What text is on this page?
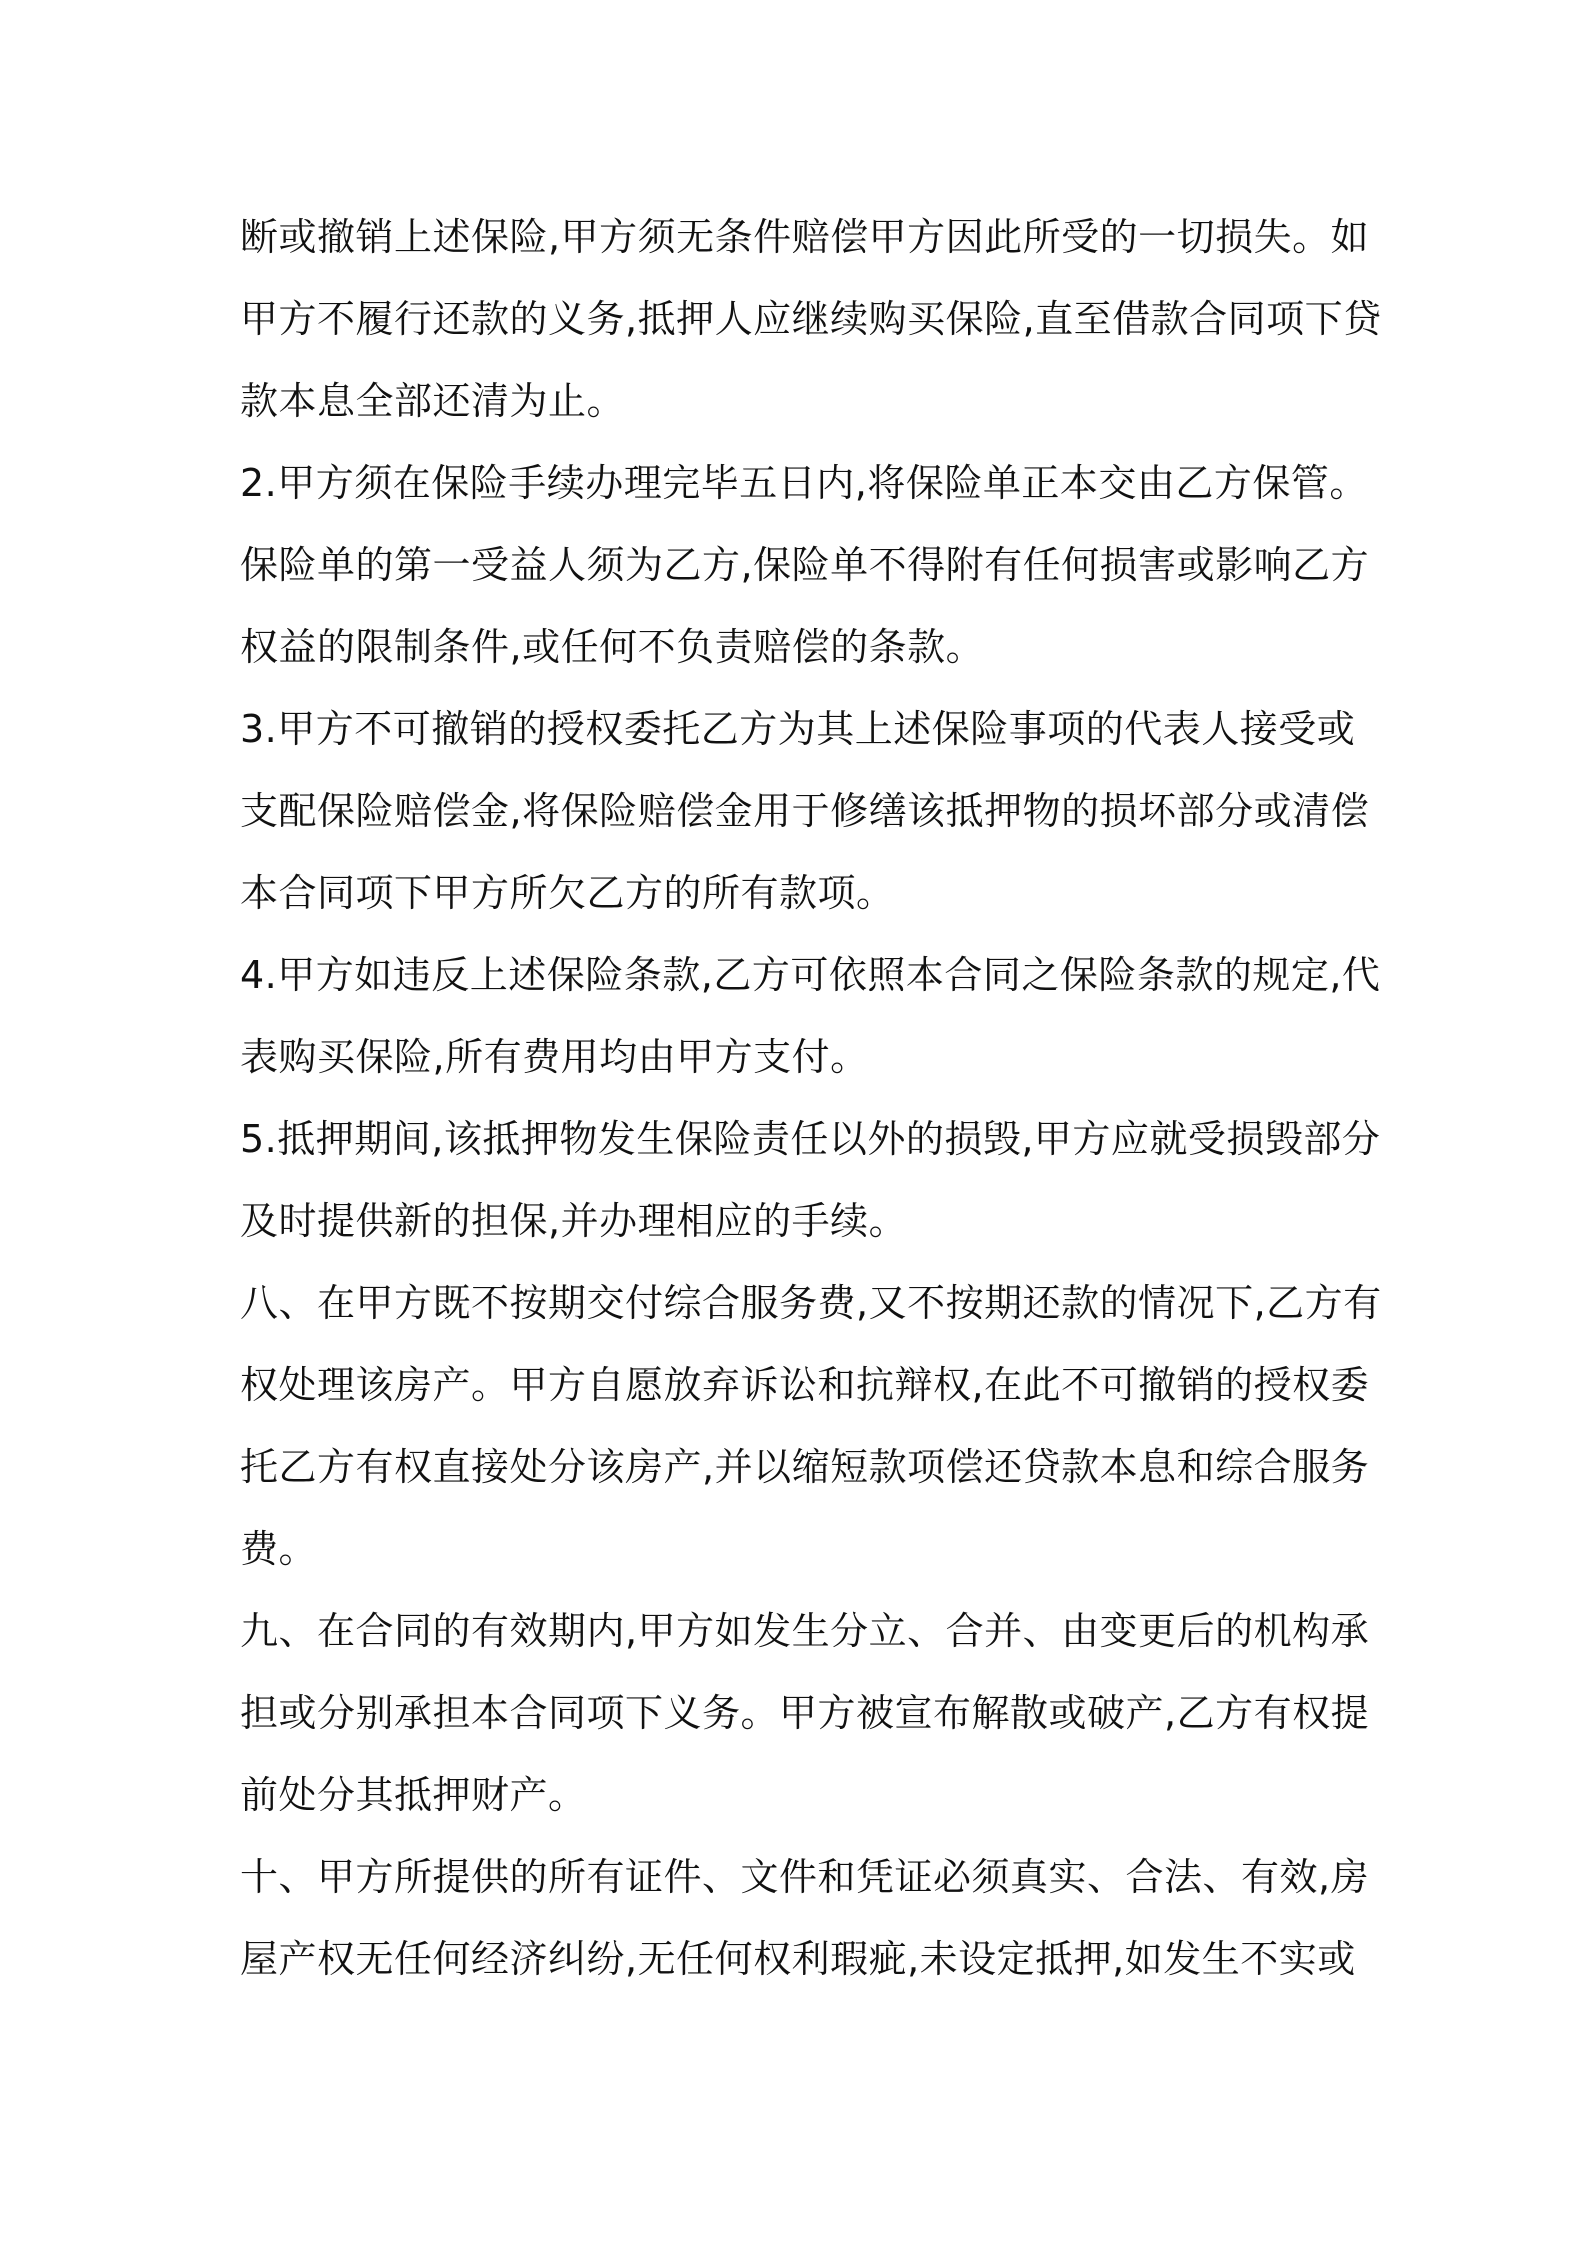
断或撤销上述保险,甲方须无条件赔偿甲方因此所受的一切损失。如
甲方不履行还款的义务,抵押人应继续购买保险,直至借款合同项下贷
款本息全部还清为止。
2.甲方须在保险手续办理完毕五日内,将保险单正本交由乙方保管。
保险单的第一受益人须为乙方,保险单不得附有任何损害或影响乙方
权益的限制条件,或任何不负责赔偿的条款。
3.甲方不可撤销的授权委托乙方为其上述保险事项的代表人接受或
支配保险赔偿金,将保险赔偿金用于修缮该抵押物的损坏部分或清偿
本合同项下甲方所欠乙方的所有款项。
4.甲方如违反上述保险条款,乙方可依照本合同之保险条款的规定,代
表购买保险,所有费用均由甲方支付。
5.抵押期间,该抵押物发生保险责任以外的损毁,甲方应就受损毁部分
及时提供新的担保,并办理相应的手续。
八、在甲方既不按期交付综合服务费,又不按期还款的情况下,乙方有
权处理该房产。甲方自愿放弃诉讼和抗辩权,在此不可撤销的授权委
托乙方有权直接处分该房产,并以缩短款项偿还贷款本息和综合服务
费。
九、在合同的有效期内,甲方如发生分立、合并、由变更后的机构承
担或分别承担本合同项下义务。甲方被宣布解散或破产,乙方有权提
前处分其抵押财产。
十、甲方所提供的所有证件、文件和凭证必须真实、合法、有效,房
屋产权无任何经济纠纷,无任何权利瑕疵,未设定抵押,如发生不实或
